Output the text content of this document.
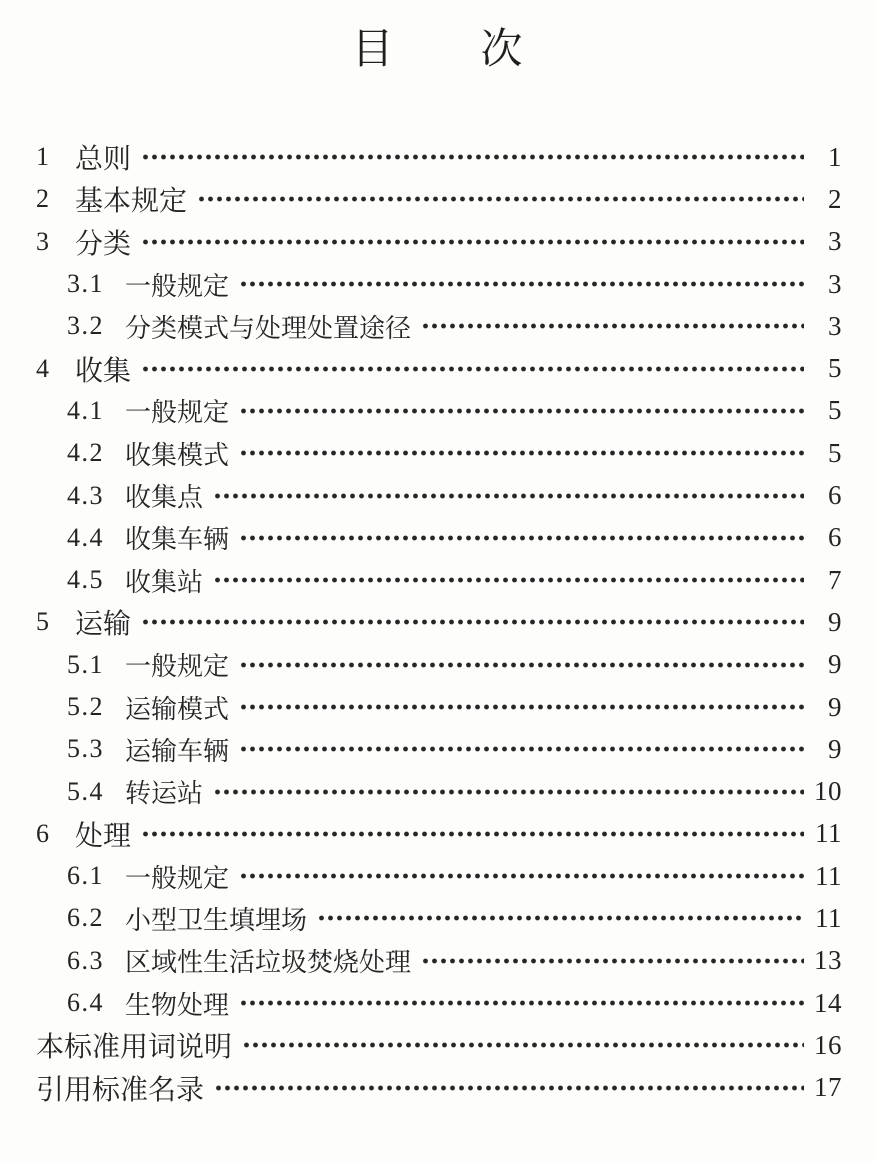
目　　次
1 总则	1
2 基本规定	2
3 分类	3
3.1 一般规定	3
3.2 分类模式与处理处置途径	3
4 收集	5
4.1 一般规定	5
4.2 收集模式	5
4.3 收集点	6
4.4 收集车辆	6
4.5 收集站	7
5 运输	9
5.1 一般规定	9
5.2 运输模式	9
5.3 运输车辆	9
5.4 转运站	10
6 处理	11
6.1 一般规定	11
6.2 小型卫生填埋场	11
6.3 区域性生活垃圾焚烧处理	13
6.4 生物处理	14
本标准用词说明	16
引用标准名录	17
